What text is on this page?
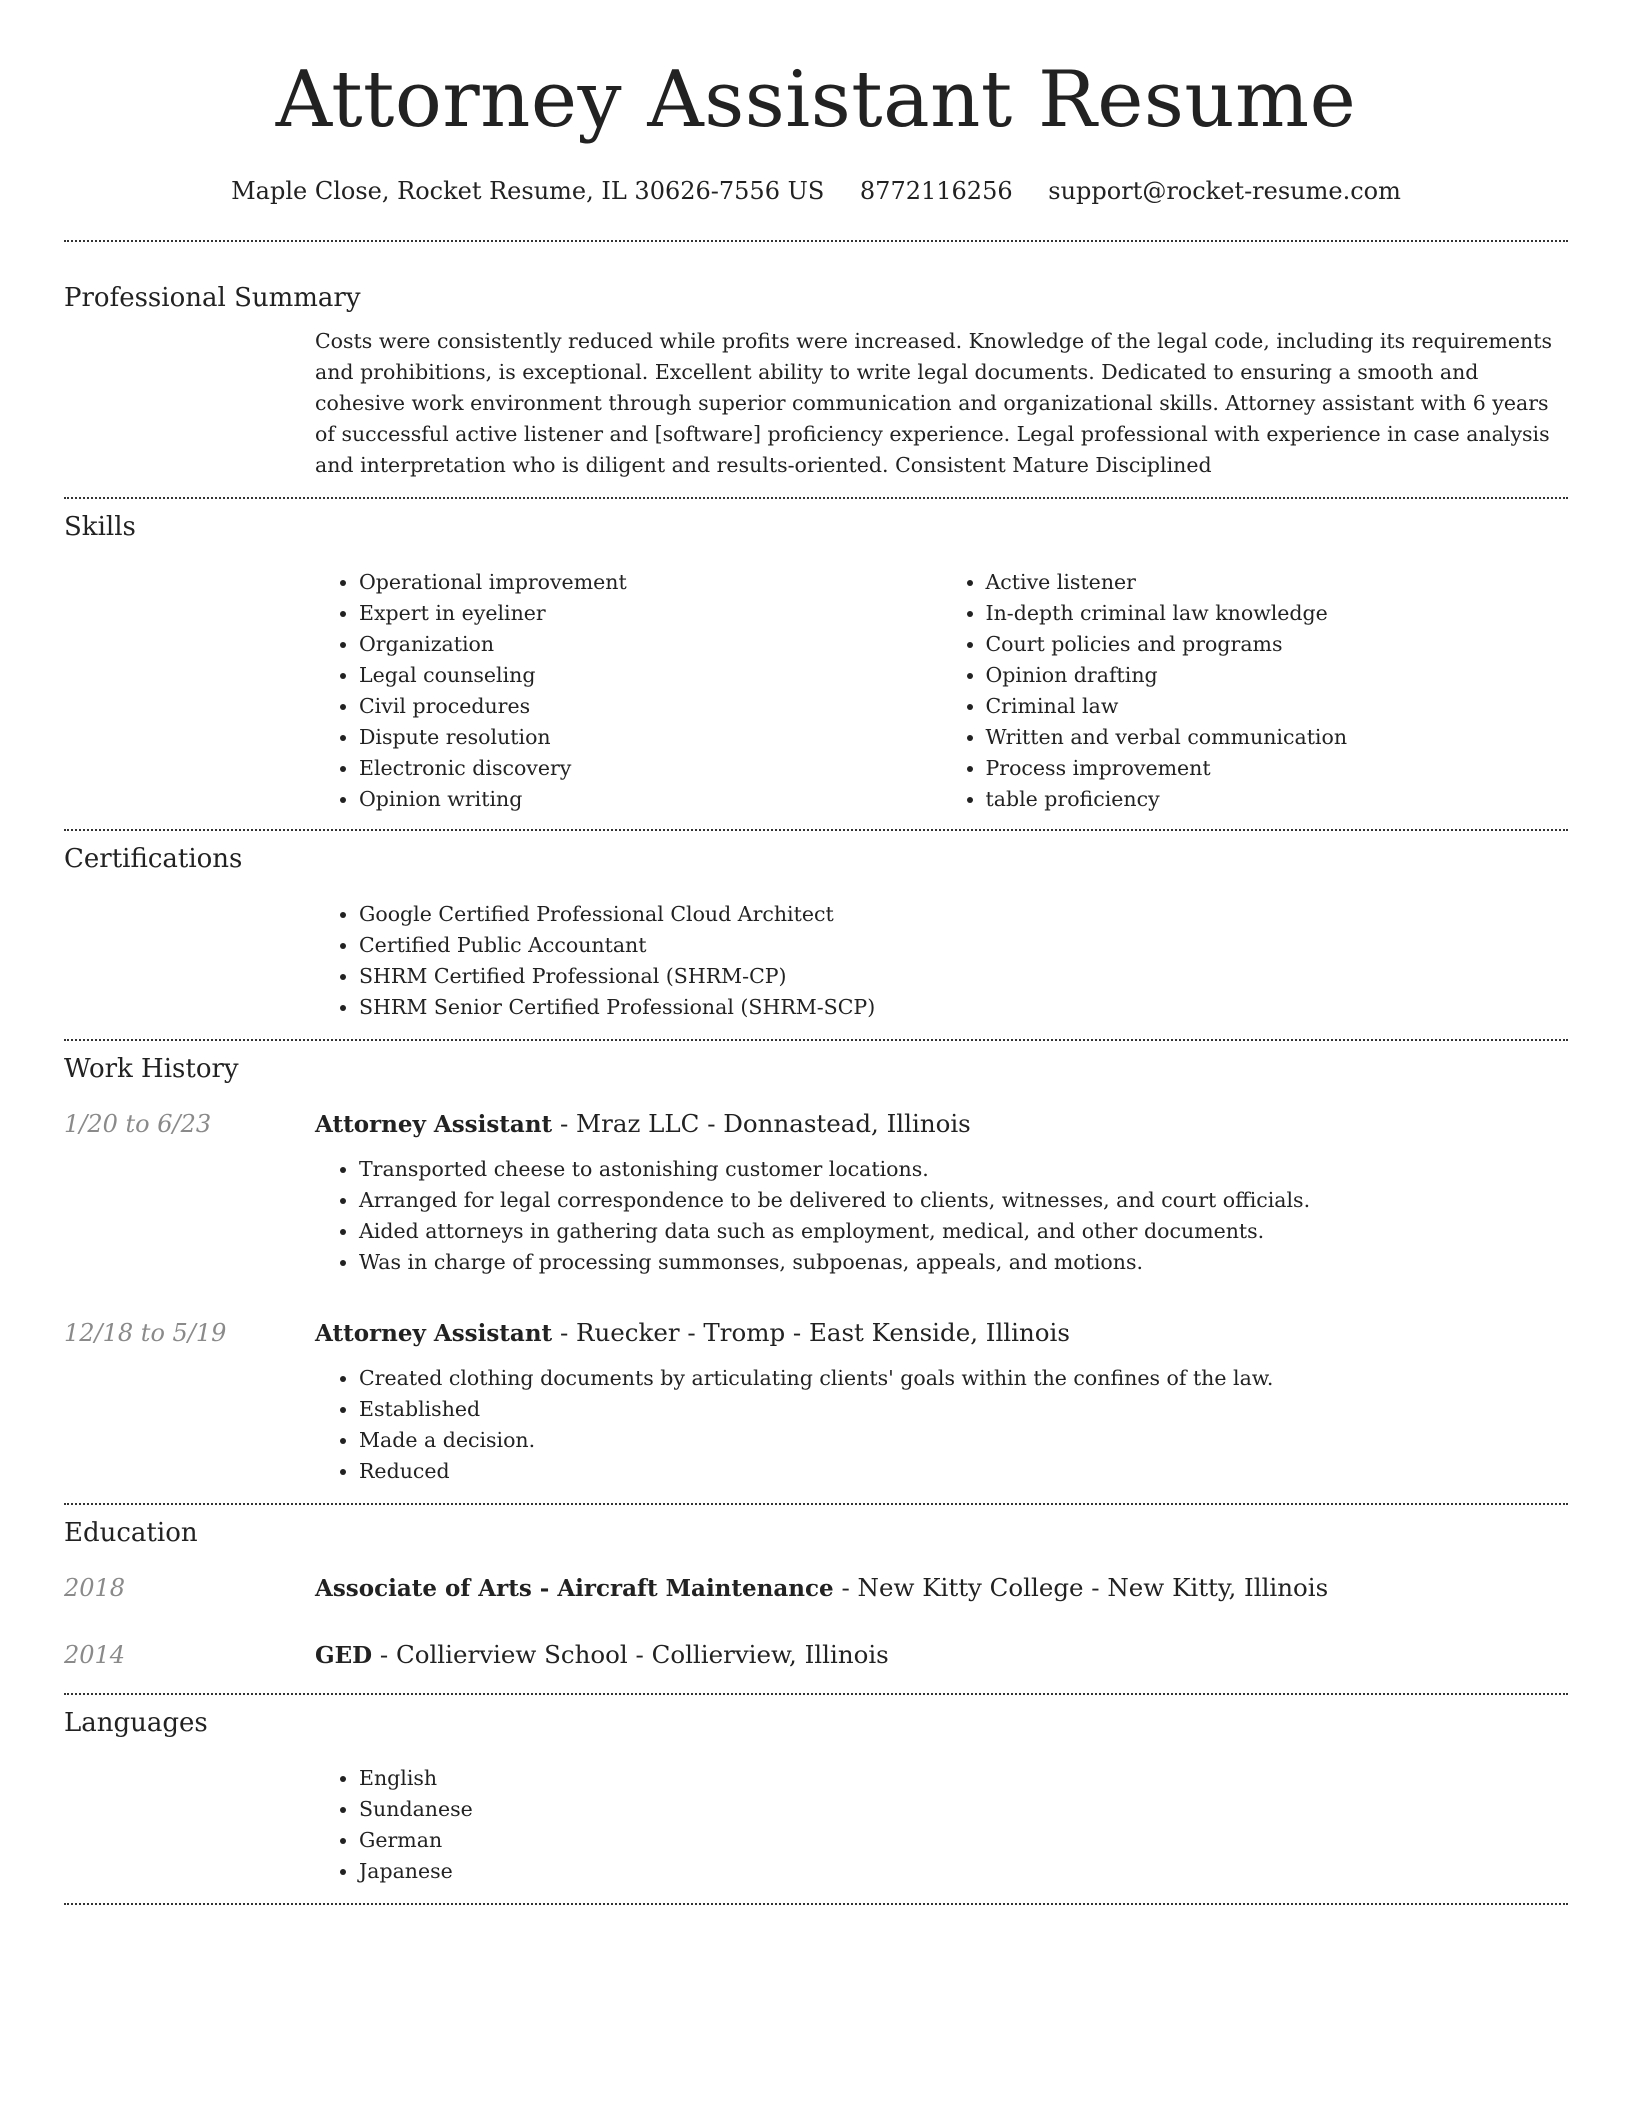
Attorney Assistant Resume
Maple Close, Rocket Resume, IL 30626-7556 US 8772116256 support@rocket-resume.com
Professional Summary
Costs were consistently reduced while profits were increased. Knowledge of the legal code, including its requirements and prohibitions, is exceptional. Excellent ability to write legal documents. Dedicated to ensuring a smooth and cohesive work environment through superior communication and organizational skills. Attorney assistant with 6 years of successful active listener and [software] proficiency experience. Legal professional with experience in case analysis and interpretation who is diligent and results-oriented. Consistent Mature Disciplined
Skills
• Operational improvement
• Expert in eyeliner
• Organization
• Legal counseling
• Civil procedures
• Dispute resolution
• Electronic discovery
• Opinion writing
• Active listener
• In-depth criminal law knowledge
• Court policies and programs
• Opinion drafting
• Criminal law
• Written and verbal communication
• Process improvement
• table proficiency
Certifications
• Google Certified Professional Cloud Architect
• Certified Public Accountant
• SHRM Certified Professional (SHRM-CP)
• SHRM Senior Certified Professional (SHRM-SCP)
Work History
1/20 to 6/23	Attorney Assistant - Mraz LLC - Donnastead, Illinois
• Transported cheese to astonishing customer locations.
• Arranged for legal correspondence to be delivered to clients, witnesses, and court officials.
• Aided attorneys in gathering data such as employment, medical, and other documents.
• Was in charge of processing summonses, subpoenas, appeals, and motions.
12/18 to 5/19	Attorney Assistant - Ruecker - Tromp - East Kenside, Illinois
• Created clothing documents by articulating clients' goals within the confines of the law.
• Established
• Made a decision.
• Reduced
Education
2018	Associate of Arts - Aircraft Maintenance - New Kitty College - New Kitty, Illinois
2014	GED - Collierview School - Collierview, Illinois
Languages
• English
• Sundanese
• German
• Japanese
